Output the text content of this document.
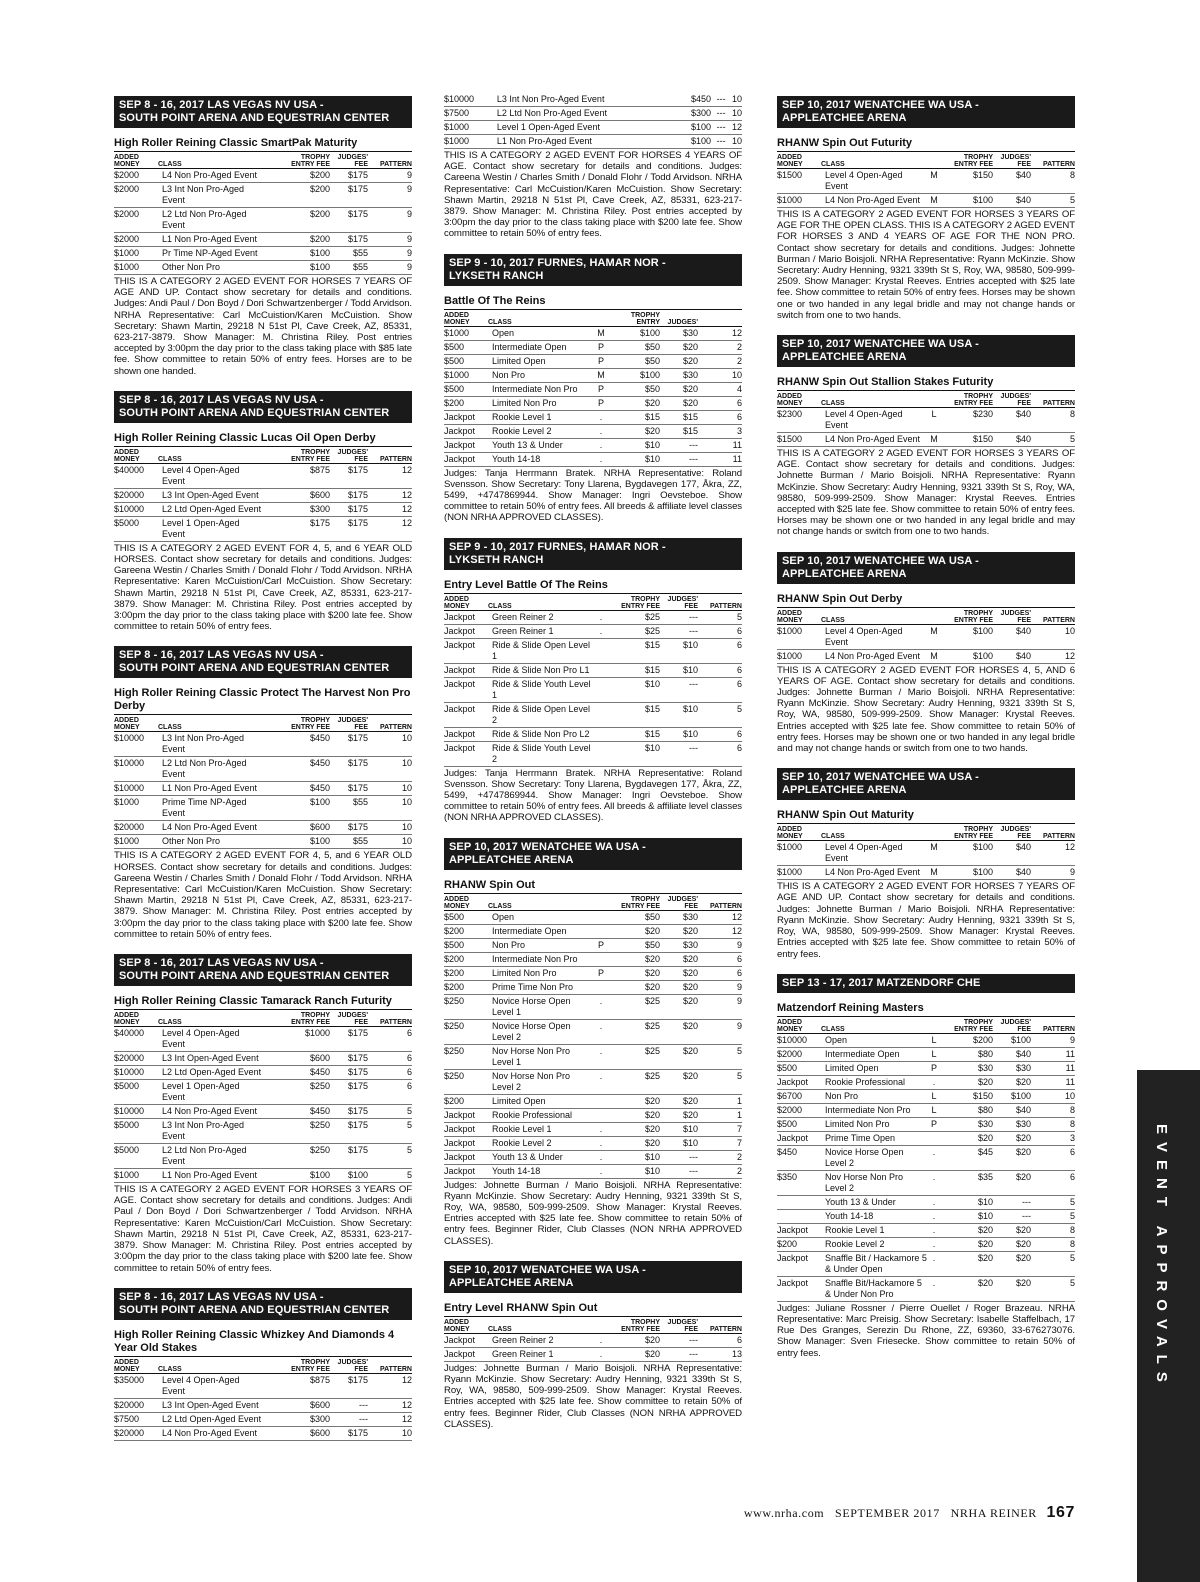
SEP 8 - 16, 2017 LAS VEGAS NV USA -
SOUTH POINT ARENA AND EQUESTRIAN CENTER
High Roller Reining Classic SmartPak Maturity
ADDED MONEY	CLASS		TROPHY ENTRY FEE	JUDGES' FEE	PATTERN
$2000	L4 Non Pro-Aged Event		$200	$175	9
$2000	L3 Int Non Pro-Aged Event		$200	$175	9
$2000	L2 Ltd Non Pro-Aged Event		$200	$175	9
$2000	L1 Non Pro-Aged Event		$200	$175	9
$1000	Pr Time NP-Aged Event		$100	$55	9
$1000	Other Non Pro		$100	$55	9
THIS IS A CATEGORY 2 AGED EVENT FOR HORSES 7 YEARS OF AGE AND UP. Contact show secretary for details and conditions. Judges: Andi Paul / Don Boyd / Dori Schwartzenberger / Todd Arvidson. NRHA Representative: Carl McCuistion/Karen McCuistion. Show Secretary: Shawn Martin, 29218 N 51st Pl, Cave Creek, AZ, 85331, 623-217-3879. Show Manager: M. Christina Riley. Post entries accepted by 3:00pm the day prior to the class taking place with $85 late fee. Show committee to retain 50% of entry fees. Horses are to be shown one handed.
SEP 8 - 16, 2017 LAS VEGAS NV USA -
SOUTH POINT ARENA AND EQUESTRIAN CENTER
High Roller Reining Classic Lucas Oil Open Derby
ADDED MONEY	CLASS		TROPHY ENTRY FEE	JUDGES' FEE	PATTERN
$40000	Level 4 Open-Aged Event		$875	$175	12
$20000	L3 Int Open-Aged Event		$600	$175	12
$10000	L2 Ltd Open-Aged Event		$300	$175	12
$5000	Level 1 Open-Aged Event		$175	$175	12
THIS IS A CATEGORY 2 AGED EVENT FOR 4, 5, and 6 YEAR OLD HORSES. Contact show secretary for details and conditions. Judges: Gareena Westin / Charles Smith / Donald Flohr / Todd Arvidson. NRHA Representative: Karen McCuistion/Carl McCuistion. Show Secretary: Shawn Martin, 29218 N 51st Pl, Cave Creek, AZ, 85331, 623-217-3879. Show Manager: M. Christina Riley. Post entries accepted by 3:00pm the day prior to the class taking place with $200 late fee. Show committee to retain 50% of entry fees.
SEP 8 - 16, 2017 LAS VEGAS NV USA -
SOUTH POINT ARENA AND EQUESTRIAN CENTER
High Roller Reining Classic Protect The Harvest Non Pro Derby
ADDED MONEY	CLASS		TROPHY ENTRY FEE	JUDGES' FEE	PATTERN
$10000	L3 Int Non Pro-Aged Event		$450	$175	10
$10000	L2 Ltd Non Pro-Aged Event		$450	$175	10
$10000	L1 Non Pro-Aged Event		$450	$175	10
$1000	Prime Time NP-Aged Event		$100	$55	10
$20000	L4 Non Pro-Aged Event		$600	$175	10
$1000	Other Non Pro		$100	$55	10
THIS IS A CATEGORY 2 AGED EVENT FOR 4, 5, and 6 YEAR OLD HORSES. Contact show secretary for details and conditions. Judges: Gareena Westin / Charles Smith / Donald Flohr / Todd Arvidson. NRHA Representative: Carl McCuistion/Karen McCuistion. Show Secretary: Shawn Martin, 29218 N 51st Pl, Cave Creek, AZ, 85331, 623-217-3879. Show Manager: M. Christina Riley. Post entries accepted by 3:00pm the day prior to the class taking place with $200 late fee. Show committee to retain 50% of entry fees.
SEP 8 - 16, 2017 LAS VEGAS NV USA -
SOUTH POINT ARENA AND EQUESTRIAN CENTER
High Roller Reining Classic Tamarack Ranch Futurity
ADDED MONEY	CLASS		TROPHY ENTRY FEE	JUDGES' FEE	PATTERN
$40000	Level 4 Open-Aged Event		$1000	$175	6
$20000	L3 Int Open-Aged Event		$600	$175	6
$10000	L2 Ltd Open-Aged Event		$450	$175	6
$5000	Level 1 Open-Aged Event		$250	$175	6
$10000	L4 Non Pro-Aged Event		$450	$175	5
$5000	L3 Int Non Pro-Aged Event		$250	$175	5
$5000	L2 Ltd Non Pro-Aged Event		$250	$175	5
$1000	L1 Non Pro-Aged Event		$100	$100	5
THIS IS A CATEGORY 2 AGED EVENT FOR HORSES 3 YEARS OF AGE. Contact show secretary for details and conditions. Judges: Andi Paul / Don Boyd / Dori Schwartzenberger / Todd Arvidson. NRHA Representative: Karen McCuistion/Carl McCuistion. Show Secretary: Shawn Martin, 29218 N 51st Pl, Cave Creek, AZ, 85331, 623-217-3879. Show Manager: M. Christina Riley. Post entries accepted by 3:00pm the day prior to the class taking place with $200 late fee. Show committee to retain 50% of entry fees.
SEP 8 - 16, 2017 LAS VEGAS NV USA -
SOUTH POINT ARENA AND EQUESTRIAN CENTER
High Roller Reining Classic Whizkey And Diamonds 4 Year Old Stakes
ADDED MONEY	CLASS		TROPHY ENTRY FEE	JUDGES' FEE	PATTERN
$35000	Level 4 Open-Aged Event		$875	$175	12
$20000	L3 Int Open-Aged Event		$600	---	12
$7500	L2 Ltd Open-Aged Event		$300	---	12
$20000	L4 Non Pro-Aged Event		$600	$175	10
$10000	L3 Int Non Pro-Aged Event		$450	---	10
$7500	L2 Ltd Non Pro-Aged Event		$300	---	10
$1000	Level 1 Open-Aged Event		$100	---	12
$1000	L1 Non Pro-Aged Event		$100	---	10
THIS IS A CATEGORY 2 AGED EVENT FOR HORSES 4 YEARS OF AGE. Contact show secretary for details and conditions. Judges: Careena Westin / Charles Smith / Donald Flohr / Todd Arvidson. NRHA Representative: Carl McCuistion/Karen McCuistion. Show Secretary: Shawn Martin, 29218 N 51st Pl, Cave Creek, AZ, 85331, 623-217-3879. Show Manager: M. Christina Riley. Post entries accepted by 3:00pm the day prior to the class taking place with $200 late fee. Show committee to retain 50% of entry fees.
SEP 9 - 10, 2017 FURNES, HAMAR NOR -
LYKSETH RANCH
Battle Of The Reins
ADDED MONEY	CLASS		TROPHY ENTRY	JUDGES'	
$1000	Open	M	$100	$30	12
$500	Intermediate Open	P	$50	$20	2
$500	Limited Open	P	$50	$20	2
$1000	Non Pro	M	$100	$30	10
$500	Intermediate Non Pro	P	$50	$20	4
$200	Limited Non Pro	P	$20	$20	6
Jackpot	Rookie Level 1	.	$15	$15	6
Jackpot	Rookie Level 2	.	$20	$15	3
Jackpot	Youth 13 & Under	.	$10	---	11
Jackpot	Youth 14-18	.	$10	---	11
Judges: Tanja Herrmann Bratek. NRHA Representative: Roland Svensson. Show Secretary: Tony Llarena, Bygdavegen 177, Åkra, ZZ, 5499, +4747869944. Show Manager: Ingri Oevsteboe. Show committee to retain 50% of entry fees. All breeds & affiliate level classes (NON NRHA APPROVED CLASSES).
SEP 9 - 10, 2017 FURNES, HAMAR NOR -
LYKSETH RANCH
Entry Level Battle Of The Reins
ADDED MONEY	CLASS		TROPHY ENTRY FEE	JUDGES' FEE	PATTERN
Jackpot	Green Reiner 2	.	$25	---	5
Jackpot	Green Reiner 1	.	$25	---	6
Jackpot	Ride & Slide Open Level 1		$15	$10	6
Jackpot	Ride & Slide Non Pro L1		$15	$10	6
Jackpot	Ride & Slide Youth Level 1		$10	---	6
Jackpot	Ride & Slide Open Level 2		$15	$10	5
Jackpot	Ride & Slide Non Pro L2		$15	$10	6
Jackpot	Ride & Slide Youth Level 2		$10	---	6
Judges: Tanja Herrmann Bratek. NRHA Representative: Roland Svensson. Show Secretary: Tony Llarena, Bygdavegen 177, Åkra, ZZ, 5499, +4747869944. Show Manager: Ingri Oevsteboe. Show committee to retain 50% of entry fees. All breeds & affiliate level classes (NON NRHA APPROVED CLASSES).
SEP 10, 2017 WENATCHEE WA USA -
APPLEATCHEE ARENA
RHANW Spin Out
ADDED MONEY	CLASS		TROPHY ENTRY FEE	JUDGES' FEE	PATTERN
$500	Open		$50	$30	12
$200	Intermediate Open		$20	$20	12
$500	Non Pro	P	$50	$30	9
$200	Intermediate Non Pro		$20	$20	6
$200	Limited Non Pro	P	$20	$20	6
$200	Prime Time Non Pro		$20	$20	9
$250	Novice Horse Open Level 1	.	$25	$20	9
$250	Novice Horse Open Level 2	.	$25	$20	9
$250	Nov Horse Non Pro Level 1	.	$25	$20	5
$250	Nov Horse Non Pro Level 2	.	$25	$20	5
$200	Limited Open		$20	$20	1
Jackpot	Rookie Professional		$20	$20	1
Jackpot	Rookie Level 1	.	$20	$10	7
Jackpot	Rookie Level 2	.	$20	$10	7
Jackpot	Youth 13 & Under	.	$10	---	2
Jackpot	Youth 14-18	.	$10	---	2
Judges: Johnette Burman / Mario Boisjoli. NRHA Representative: Ryann McKinzie. Show Secretary: Audry Henning, 9321 339th St S, Roy, WA, 98580, 509-999-2509. Show Manager: Krystal Reeves. Entries accepted with $25 late fee. Show committee to retain 50% of entry fees. Beginner Rider, Club Classes (NON NRHA APPROVED CLASSES).
SEP 10, 2017 WENATCHEE WA USA -
APPLEATCHEE ARENA
Entry Level RHANW Spin Out
ADDED MONEY	CLASS		TROPHY ENTRY FEE	JUDGES' FEE	PATTERN
Jackpot	Green Reiner 2	.	$20	---	6
Jackpot	Green Reiner 1	.	$20	---	13
Judges: Johnette Burman / Mario Boisjoli. NRHA Representative: Ryann McKinzie. Show Secretary: Audry Henning, 9321 339th St S, Roy, WA, 98580, 509-999-2509. Show Manager: Krystal Reeves. Entries accepted with $25 late fee. Show committee to retain 50% of entry fees. Beginner Rider, Club Classes (NON NRHA APPROVED CLASSES).
SEP 10, 2017 WENATCHEE WA USA -
APPLEATCHEE ARENA
RHANW Spin Out Futurity
ADDED MONEY	CLASS		TROPHY ENTRY FEE	JUDGES' FEE	PATTERN
$1500	Level 4 Open-Aged Event	M	$150	$40	8
$1000	L4 Non Pro-Aged Event	M	$100	$40	5
THIS IS A CATEGORY 2 AGED EVENT FOR HORSES 3 YEARS OF AGE FOR THE OPEN CLASS. THIS IS A CATEGORY 2 AGED EVENT FOR HORSES 3 AND 4 YEARS OF AGE FOR THE NON PRO. Contact show secretary for details and conditions. Judges: Johnette Burman / Mario Boisjoli. NRHA Representative: Ryann McKinzie. Show Secretary: Audry Henning, 9321 339th St S, Roy, WA, 98580, 509-999-2509. Show Manager: Krystal Reeves. Entries accepted with $25 late fee. Show committee to retain 50% of entry fees. Horses may be shown one or two handed in any legal bridle and may not change hands or switch from one to two hands.
SEP 10, 2017 WENATCHEE WA USA -
APPLEATCHEE ARENA
RHANW Spin Out Stallion Stakes Futurity
ADDED MONEY	CLASS		TROPHY ENTRY FEE	JUDGES' FEE	PATTERN
$2300	Level 4 Open-Aged Event	L	$230	$40	8
$1500	L4 Non Pro-Aged Event	M	$150	$40	5
THIS IS A CATEGORY 2 AGED EVENT FOR HORSES 3 YEARS OF AGE. Contact show secretary for details and conditions. Judges: Johnette Burman / Mario Boisjoli. NRHA Representative: Ryann McKinzie. Show Secretary: Audry Henning, 9321 339th St S, Roy, WA, 98580, 509-999-2509. Show Manager: Krystal Reeves. Entries accepted with $25 late fee. Show committee to retain 50% of entry fees. Horses may be shown one or two handed in any legal bridle and may not change hands or switch from one to two hands.
SEP 10, 2017 WENATCHEE WA USA -
APPLEATCHEE ARENA
RHANW Spin Out Derby
ADDED MONEY	CLASS		TROPHY ENTRY FEE	JUDGES' FEE	PATTERN
$1000	Level 4 Open-Aged Event	M	$100	$40	10
$1000	L4 Non Pro-Aged Event	M	$100	$40	12
THIS IS A CATEGORY 2 AGED EVENT FOR HORSES 4, 5, AND 6 YEARS OF AGE. Contact show secretary for details and conditions. Judges: Johnette Burman / Mario Boisjoli. NRHA Representative: Ryann McKinzie. Show Secretary: Audry Henning, 9321 339th St S, Roy, WA, 98580, 509-999-2509. Show Manager: Krystal Reeves. Entries accepted with $25 late fee. Show committee to retain 50% of entry fees. Horses may be shown one or two handed in any legal bridle and may not change hands or switch from one to two hands.
SEP 10, 2017 WENATCHEE WA USA -
APPLEATCHEE ARENA
RHANW Spin Out Maturity
ADDED MONEY	CLASS		TROPHY ENTRY FEE	JUDGES' FEE	PATTERN
$1000	Level 4 Open-Aged Event	M	$100	$40	12
$1000	L4 Non Pro-Aged Event	M	$100	$40	9
THIS IS A CATEGORY 2 AGED EVENT FOR HORSES 7 YEARS OF AGE AND UP. Contact show secretary for details and conditions. Judges: Johnette Burman / Mario Boisjoli. NRHA Representative: Ryann McKinzie. Show Secretary: Audry Henning, 9321 339th St S, Roy, WA, 98580, 509-999-2509. Show Manager: Krystal Reeves. Entries accepted with $25 late fee. Show committee to retain 50% of entry fees.
SEP 13 - 17, 2017 MATZENDORF CHE
Matzendorf Reining Masters
ADDED MONEY	CLASS		TROPHY ENTRY FEE	JUDGES' FEE	PATTERN
$10000	Open	L	$200	$100	9
$2000	Intermediate Open	L	$80	$40	11
$500	Limited Open	P	$30	$30	11
Jackpot	Rookie Professional	.	$20	$20	11
$6700	Non Pro	L	$150	$100	10
$2000	Intermediate Non Pro	L	$80	$40	8
$500	Limited Non Pro	P	$30	$30	8
Jackpot	Prime Time Open		$20	$20	3
$450	Novice Horse Open Level 2	.	$45	$20	6
$350	Nov Horse Non Pro Level 2	.	$35	$20	6
	Youth 13 & Under	.	$10	---	5
	Youth 14-18	.	$10	---	5
Jackpot	Rookie Level 1	.	$20	$20	8
$200	Rookie Level 2	.	$20	$20	8
Jackpot	Snaffle Bit / Hackamore 5 & Under Open	.	$20	$20	5
Jackpot	Snaffle Bit/Hackamore 5 & Under Non Pro	.	$20	$20	5
Judges: Juliane Rossner / Pierre Ouellet / Roger Brazeau. NRHA Representative: Marc Preisig. Show Secretary: Isabelle Staffelbach, 17 Rue Des Granges, Serezin Du Rhone, ZZ, 69360, 33-676273076. Show Manager: Sven Friesecke. Show committee to retain 50% of entry fees.	EVENT APPROVALS
www.nrha.com SEPTEMBER 2017 NRHA REINER 167
